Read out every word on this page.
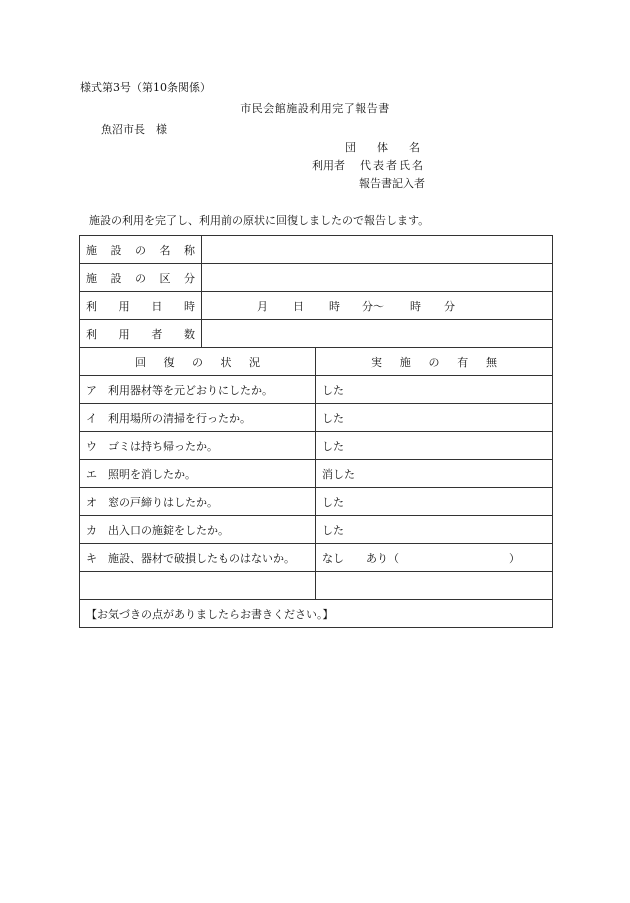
様式第3号（第10条関係）
市民会館施設利用完了報告書
魚沼市長　様
団　体　名
利用者 代表者氏名
報告書記入者
施設の利用を完了し、利用前の原状に回復しましたので報告します。
施設の名称		
施設の区分		
利用日時	月 日 時 分～ 時 分	
利用者数		
回復の状況		実施の有無
ア　利用器材等を元どおりにしたか。		した
イ　利用場所の清掃を行ったか。		した
ウ　ゴミは持ち帰ったか。		した
エ　照明を消したか。		消した
オ　窓の戸締りはしたか。		した
カ　出入口の施錠をしたか。		した
キ　施設、器材で破損したものはないか。		なし　　あり（　　　　　　　　　　）

【お気づきの点がありましたらお書きください。】		
